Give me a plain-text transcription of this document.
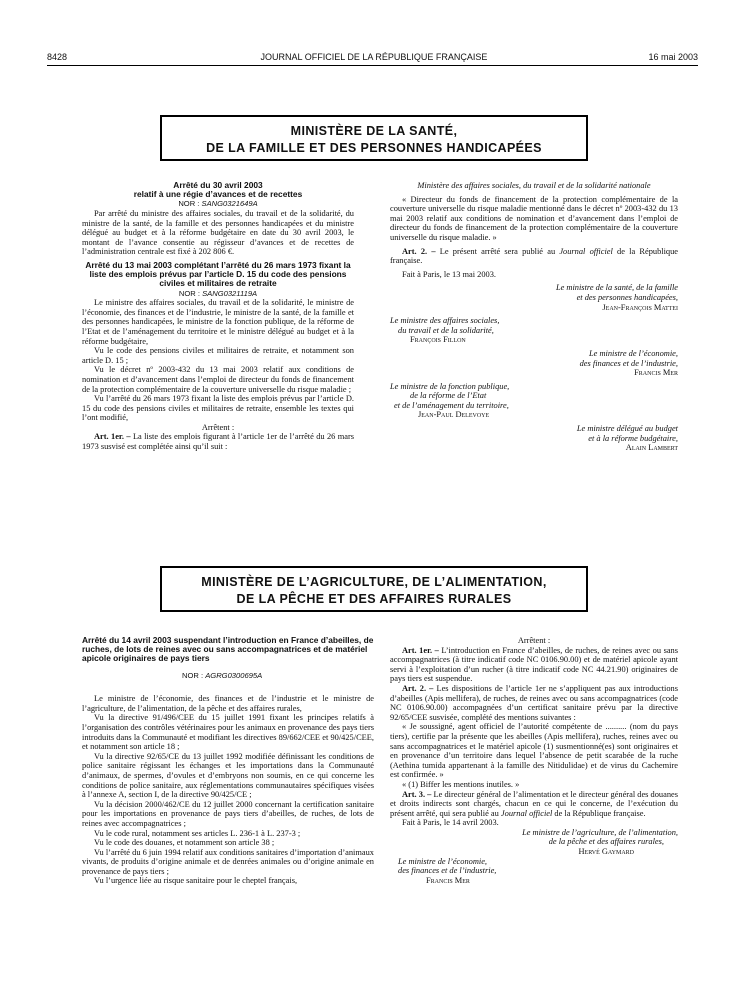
8428	JOURNAL OFFICIEL DE LA RÉPUBLIQUE FRANÇAISE	16 mai 2003
MINISTÈRE DE LA SANTÉ,
DE LA FAMILLE ET DES PERSONNES HANDICAPÉES

Arrêté du 30 avril 2003

relatif à une régie d’avances et de recettes

NOR : SANG0321649A

Par arrêté du ministre des affaires sociales, du travail et de la solidarité, du ministre de la santé, de la famille et des personnes handicapées et du ministre délégué au budget et à la réforme budgétaire en date du 30 avril 2003, le montant de l’avance consentie au régisseur d’avances et de recettes de l’administration centrale est fixé à 202 806 €.

Arrêté du 13 mai 2003 complétant l’arrêté du 26 mars 1973 fixant la liste des emplois prévus par l’article D. 15 du code des pensions civiles et militaires de retraite

NOR : SANG0321119A

Le ministre des affaires sociales, du travail et de la solidarité, le ministre de l’économie, des finances et de l’industrie, le ministre de la santé, de la famille et des personnes handicapées, le ministre de la fonction publique, de la réforme de l’Etat et de l’aménagement du territoire et le ministre délégué au budget et à la réforme budgétaire,

Vu le code des pensions civiles et militaires de retraite, et notamment son article D. 15 ;

Vu le décret nº 2003-432 du 13 mai 2003 relatif aux conditions de nomination et d’avancement dans l’emploi de directeur du fonds de financement de la protection complémentaire de la couverture universelle du risque maladie ;

Vu l’arrêté du 26 mars 1973 fixant la liste des emplois prévus par l’article D. 15 du code des pensions civiles et militaires de retraite, ensemble les textes qui l’ont modifié,

Arrêtent :

Art. 1er. – La liste des emplois figurant à l’article 1er de l’arrêté du 26 mars 1973 susvisé est complétée ainsi qu’il suit :

Ministère des affaires sociales, du travail et de la solidarité nationale

« Directeur du fonds de financement de la protection complémentaire de la couverture universelle du risque maladie mentionné dans le décret nº 2003-432 du 13 mai 2003 relatif aux conditions de nomination et d’avancement dans l’emploi de directeur du fonds de financement de la protection complémentaire de la couverture universelle du risque maladie. »

Art. 2. – Le présent arrêté sera publié au Journal officiel de la République française.

Fait à Paris, le 13 mai 2003.

Le ministre de la santé, de la famille
et des personnes handicapées,
Jean-François Mattei
Le ministre des affaires sociales,
du travail et de la solidarité,
François Fillon
Le ministre de l’économie,
des finances et de l’industrie,
Francis Mer
Le ministre de la fonction publique,
de la réforme de l’Etat
et de l’aménagement du territoire,
Jean-Paul Delevoye
Le ministre délégué au budget
et à la réforme budgétaire,
Alain Lambert
MINISTÈRE DE L’AGRICULTURE, DE L’ALIMENTATION,
DE LA PÊCHE ET DES AFFAIRES RURALES

Arrêté du 14 avril 2003 suspendant l’introduction en France d’abeilles, de ruches, de lots de reines avec ou sans accompagnatrices et de matériel apicole originaires de pays tiers

NOR : AGRG0300695A

Le ministre de l’économie, des finances et de l’industrie et le ministre de l’agriculture, de l’alimentation, de la pêche et des affaires rurales,

Vu la directive 91/496/CEE du 15 juillet 1991 fixant les principes relatifs à l’organisation des contrôles vétérinaires pour les animaux en provenance des pays tiers introduits dans la Communauté et modifiant les directives 89/662/CEE et 90/425/CEE, et notamment son article 18 ;

Vu la directive 92/65/CE du 13 juillet 1992 modifiée définissant les conditions de police sanitaire régissant les échanges et les importations dans la Communauté d’animaux, de spermes, d’ovules et d’embryons non soumis, en ce qui concerne les conditions de police sanitaire, aux réglementations communautaires spécifiques visées à l’annexe A, section I, de la directive 90/425/CE ;

Vu la décision 2000/462/CE du 12 juillet 2000 concernant la certification sanitaire pour les importations en provenance de pays tiers d’abeilles, de ruches, de lots de reines avec accompagnatrices ;

Vu le code rural, notamment ses articles L. 236-1 à L. 237-3 ;

Vu le code des douanes, et notamment son article 38 ;

Vu l’arrêté du 6 juin 1994 relatif aux conditions sanitaires d’importation d’animaux vivants, de produits d’origine animale et de denrées animales ou d’origine animale en provenance de pays tiers ;

Vu l’urgence liée au risque sanitaire pour le cheptel français,

Arrêtent :

Art. 1er. – L’introduction en France d’abeilles, de ruches, de reines avec ou sans accompagnatrices (à titre indicatif code NC 0106.90.00) et de matériel apicole ayant servi à l’exploitation d’un rucher (à titre indicatif code NC 44.21.90) originaires de pays tiers est suspendue.

Art. 2. – Les dispositions de l’article 1er ne s’appliquent pas aux introductions d’abeilles (Apis mellifera), de ruches, de reines avec ou sans accompagnatrices (code NC 0106.90.00) accompagnées d’un certificat sanitaire prévu par la directive 92/65/CEE susvisée, complété des mentions suivantes :

« Je soussigné, agent officiel de l’autorité compétente de .......... (nom du pays tiers), certifie par la présente que les abeilles (Apis mellifera), ruches, reines avec ou sans accompagnatrices et le matériel apicole (1) susmentionné(es) sont originaires et en provenance d’un territoire dans lequel l’absence de petit scarabée de la ruche (Aethina tumida appartenant à la famille des Nitidulidae) et de virus du Cachemire est confirmée. »

« (1) Biffer les mentions inutiles. »

Art. 3. – Le directeur général de l’alimentation et le directeur général des douanes et droits indirects sont chargés, chacun en ce qui le concerne, de l’exécution du présent arrêté, qui sera publié au Journal officiel de la République française.

Fait à Paris, le 14 avril 2003.

Le ministre de l’agriculture, de l’alimentation,
de la pêche et des affaires rurales,
Hervé Gaymard
Le ministre de l’économie,
des finances et de l’industrie,
Francis Mer
